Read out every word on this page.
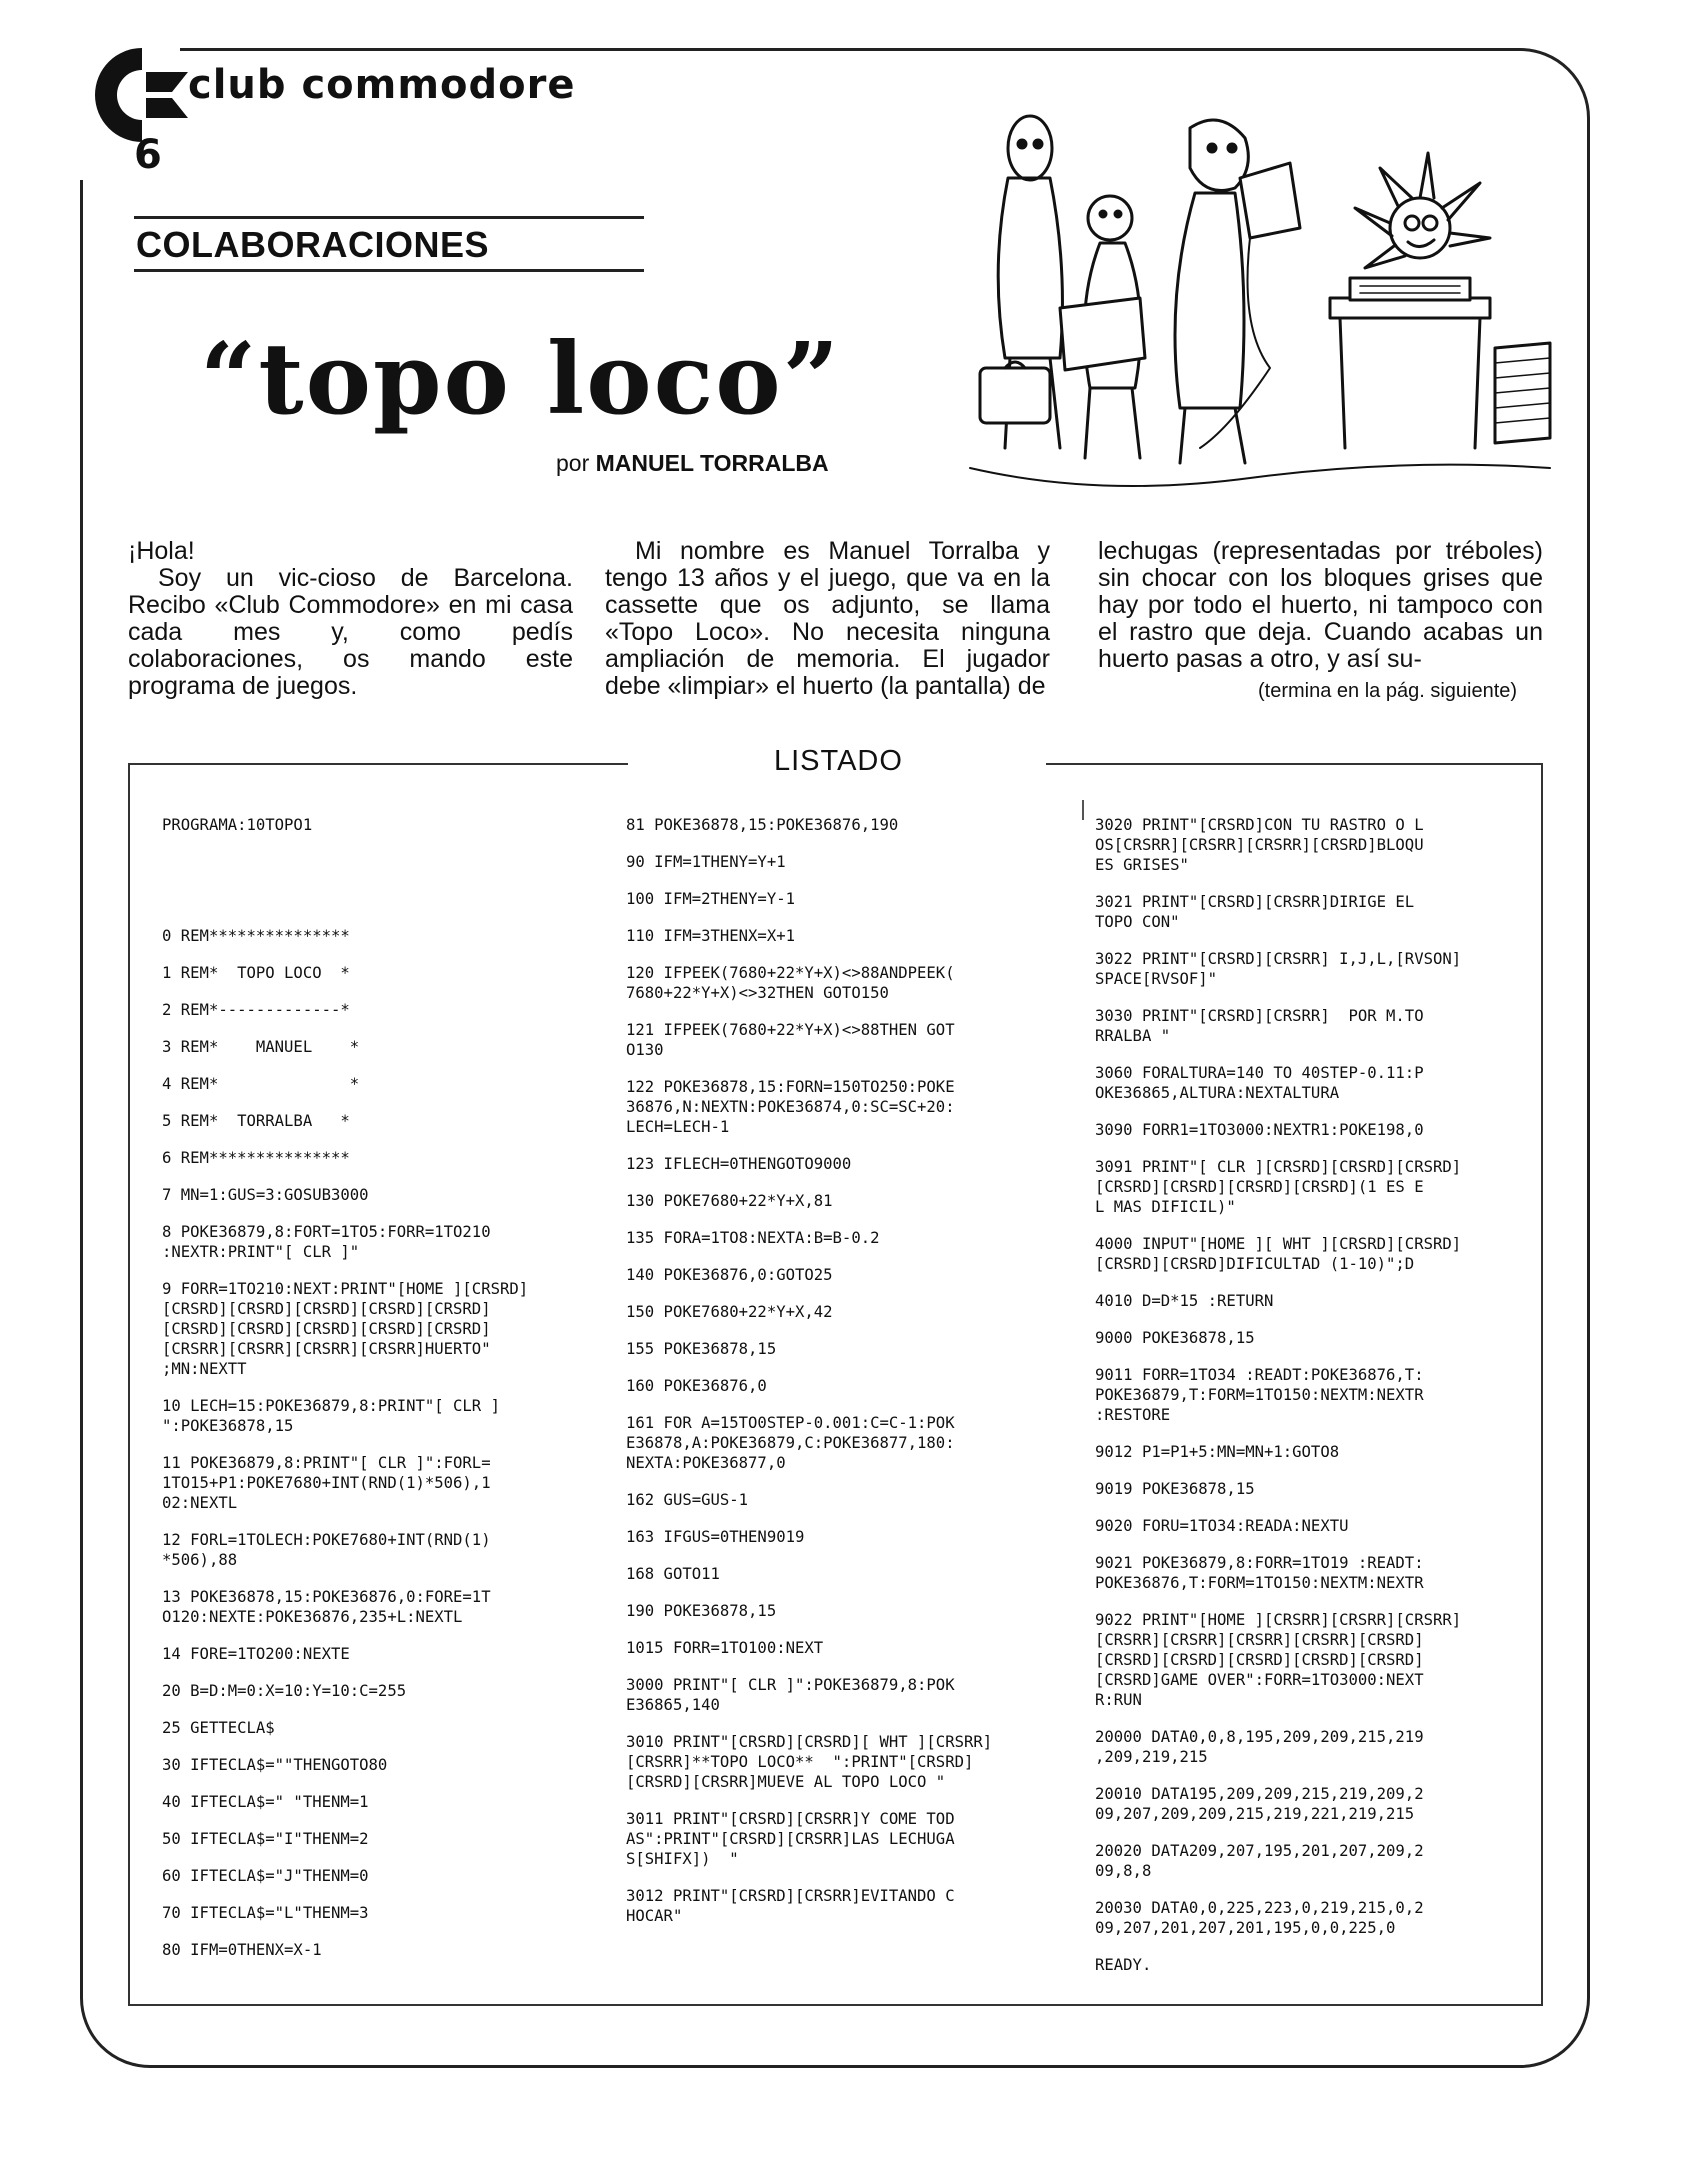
club commodore
6
COLABORACIONES
“topo loco”
por MANUEL TORRALBA

¡Hola!

Soy un vic-cioso de Barcelona. Recibo «Club Commodore» en mi casa cada mes y, como pedís colaboraciones, os mando este programa de juegos.

Mi nombre es Manuel Torralba y tengo 13 años y el juego, que va en la cassette que os adjunto, se llama «Topo Loco». No necesita ninguna ampliación de memoria. El jugador debe «limpiar» el huerto (la pantalla) de

lechugas (representadas por tréboles) sin chocar con los bloques grises que hay por todo el huerto, ni tampoco con el rastro que deja. Cuando acabas un huerto pasas a otro, y así su-

(termina en la pág. siguiente)
LISTADO
PROGRAMA:10TOPO1

0 REM***************
1 REM*  TOPO LOCO  *
2 REM*-------------*
3 REM*    MANUEL    *
4 REM*              *
5 REM*  TORRALBA   *
6 REM***************
7 MN=1:GUS=3:GOSUB3000
8 POKE36879,8:FORT=1TO5:FORR=1TO210
:NEXTR:PRINT"[ CLR ]"
9 FORR=1TO210:NEXT:PRINT"[HOME ][CRSRD]
[CRSRD][CRSRD][CRSRD][CRSRD][CRSRD]
[CRSRD][CRSRD][CRSRD][CRSRD][CRSRD]
[CRSRR][CRSRR][CRSRR][CRSRR]HUERTO"
;MN:NEXTT
10 LECH=15:POKE36879,8:PRINT"[ CLR ]
":POKE36878,15
11 POKE36879,8:PRINT"[ CLR ]":FORL=
1TO15+P1:POKE7680+INT(RND(1)*506),1
02:NEXTL
12 FORL=1TOLECH:POKE7680+INT(RND(1)
*506),88
13 POKE36878,15:POKE36876,0:FORE=1T
O120:NEXTE:POKE36876,235+L:NEXTL
14 FORE=1TO200:NEXTE
20 B=D:M=0:X=10:Y=10:C=255
25 GETTECLA$
30 IFTECLA$=""THENGOTO80
40 IFTECLA$=" "THENM=1
50 IFTECLA$="I"THENM=2
60 IFTECLA$="J"THENM=0
70 IFTECLA$="L"THENM=3
80 IFM=0THENX=X-1
81 POKE36878,15:POKE36876,190
90 IFM=1THENY=Y+1
100 IFM=2THENY=Y-1
110 IFM=3THENX=X+1
120 IFPEEK(7680+22*Y+X)<>88ANDPEEK(
7680+22*Y+X)<>32THEN GOTO150
121 IFPEEK(7680+22*Y+X)<>88THEN GOT
O130
122 POKE36878,15:FORN=150TO250:POKE
36876,N:NEXTN:POKE36874,0:SC=SC+20:
LECH=LECH-1
123 IFLECH=0THENGOTO9000
130 POKE7680+22*Y+X,81
135 FORA=1TO8:NEXTA:B=B-0.2
140 POKE36876,0:GOTO25
150 POKE7680+22*Y+X,42
155 POKE36878,15
160 POKE36876,0
161 FOR A=15TO0STEP-0.001:C=C-1:POK
E36878,A:POKE36879,C:POKE36877,180:
NEXTA:POKE36877,0
162 GUS=GUS-1
163 IFGUS=0THEN9019
168 GOTO11
190 POKE36878,15
1015 FORR=1TO100:NEXT
3000 PRINT"[ CLR ]":POKE36879,8:POK
E36865,140
3010 PRINT"[CRSRD][CRSRD][ WHT ][CRSRR]
[CRSRR]**TOPO LOCO**  ":PRINT"[CRSRD]
[CRSRD][CRSRR]MUEVE AL TOPO LOCO "
3011 PRINT"[CRSRD][CRSRR]Y COME TOD
AS":PRINT"[CRSRD][CRSRR]LAS LECHUGA
S[SHIFX])  "
3012 PRINT"[CRSRD][CRSRR]EVITANDO C
HOCAR"
3020 PRINT"[CRSRD]CON TU RASTRO O L
OS[CRSRR][CRSRR][CRSRR][CRSRD]BLOQU
ES GRISES"
3021 PRINT"[CRSRD][CRSRR]DIRIGE EL
TOPO CON"
3022 PRINT"[CRSRD][CRSRR] I,J,L,[RVSON]
SPACE[RVSOF]"
3030 PRINT"[CRSRD][CRSRR]  POR M.TO
RRALBA "
3060 FORALTURA=140 TO 40STEP-0.11:P
OKE36865,ALTURA:NEXTALTURA
3090 FORR1=1TO3000:NEXTR1:POKE198,0
3091 PRINT"[ CLR ][CRSRD][CRSRD][CRSRD]
[CRSRD][CRSRD][CRSRD][CRSRD](1 ES E
L MAS DIFICIL)"
4000 INPUT"[HOME ][ WHT ][CRSRD][CRSRD]
[CRSRD][CRSRD]DIFICULTAD (1-10)";D
4010 D=D*15 :RETURN
9000 POKE36878,15
9011 FORR=1TO34 :READT:POKE36876,T:
POKE36879,T:FORM=1TO150:NEXTM:NEXTR
:RESTORE
9012 P1=P1+5:MN=MN+1:GOTO8
9019 POKE36878,15
9020 FORU=1TO34:READA:NEXTU
9021 POKE36879,8:FORR=1TO19 :READT:
POKE36876,T:FORM=1TO150:NEXTM:NEXTR
9022 PRINT"[HOME ][CRSRR][CRSRR][CRSRR]
[CRSRR][CRSRR][CRSRR][CRSRR][CRSRD]
[CRSRD][CRSRD][CRSRD][CRSRD][CRSRD]
[CRSRD]GAME OVER":FORR=1TO3000:NEXT
R:RUN
20000 DATA0,0,8,195,209,209,215,219
,209,219,215
20010 DATA195,209,209,215,219,209,2
09,207,209,209,215,219,221,219,215
20020 DATA209,207,195,201,207,209,2
09,8,8
20030 DATA0,0,225,223,0,219,215,0,2
09,207,201,207,201,195,0,0,225,0
READY.
